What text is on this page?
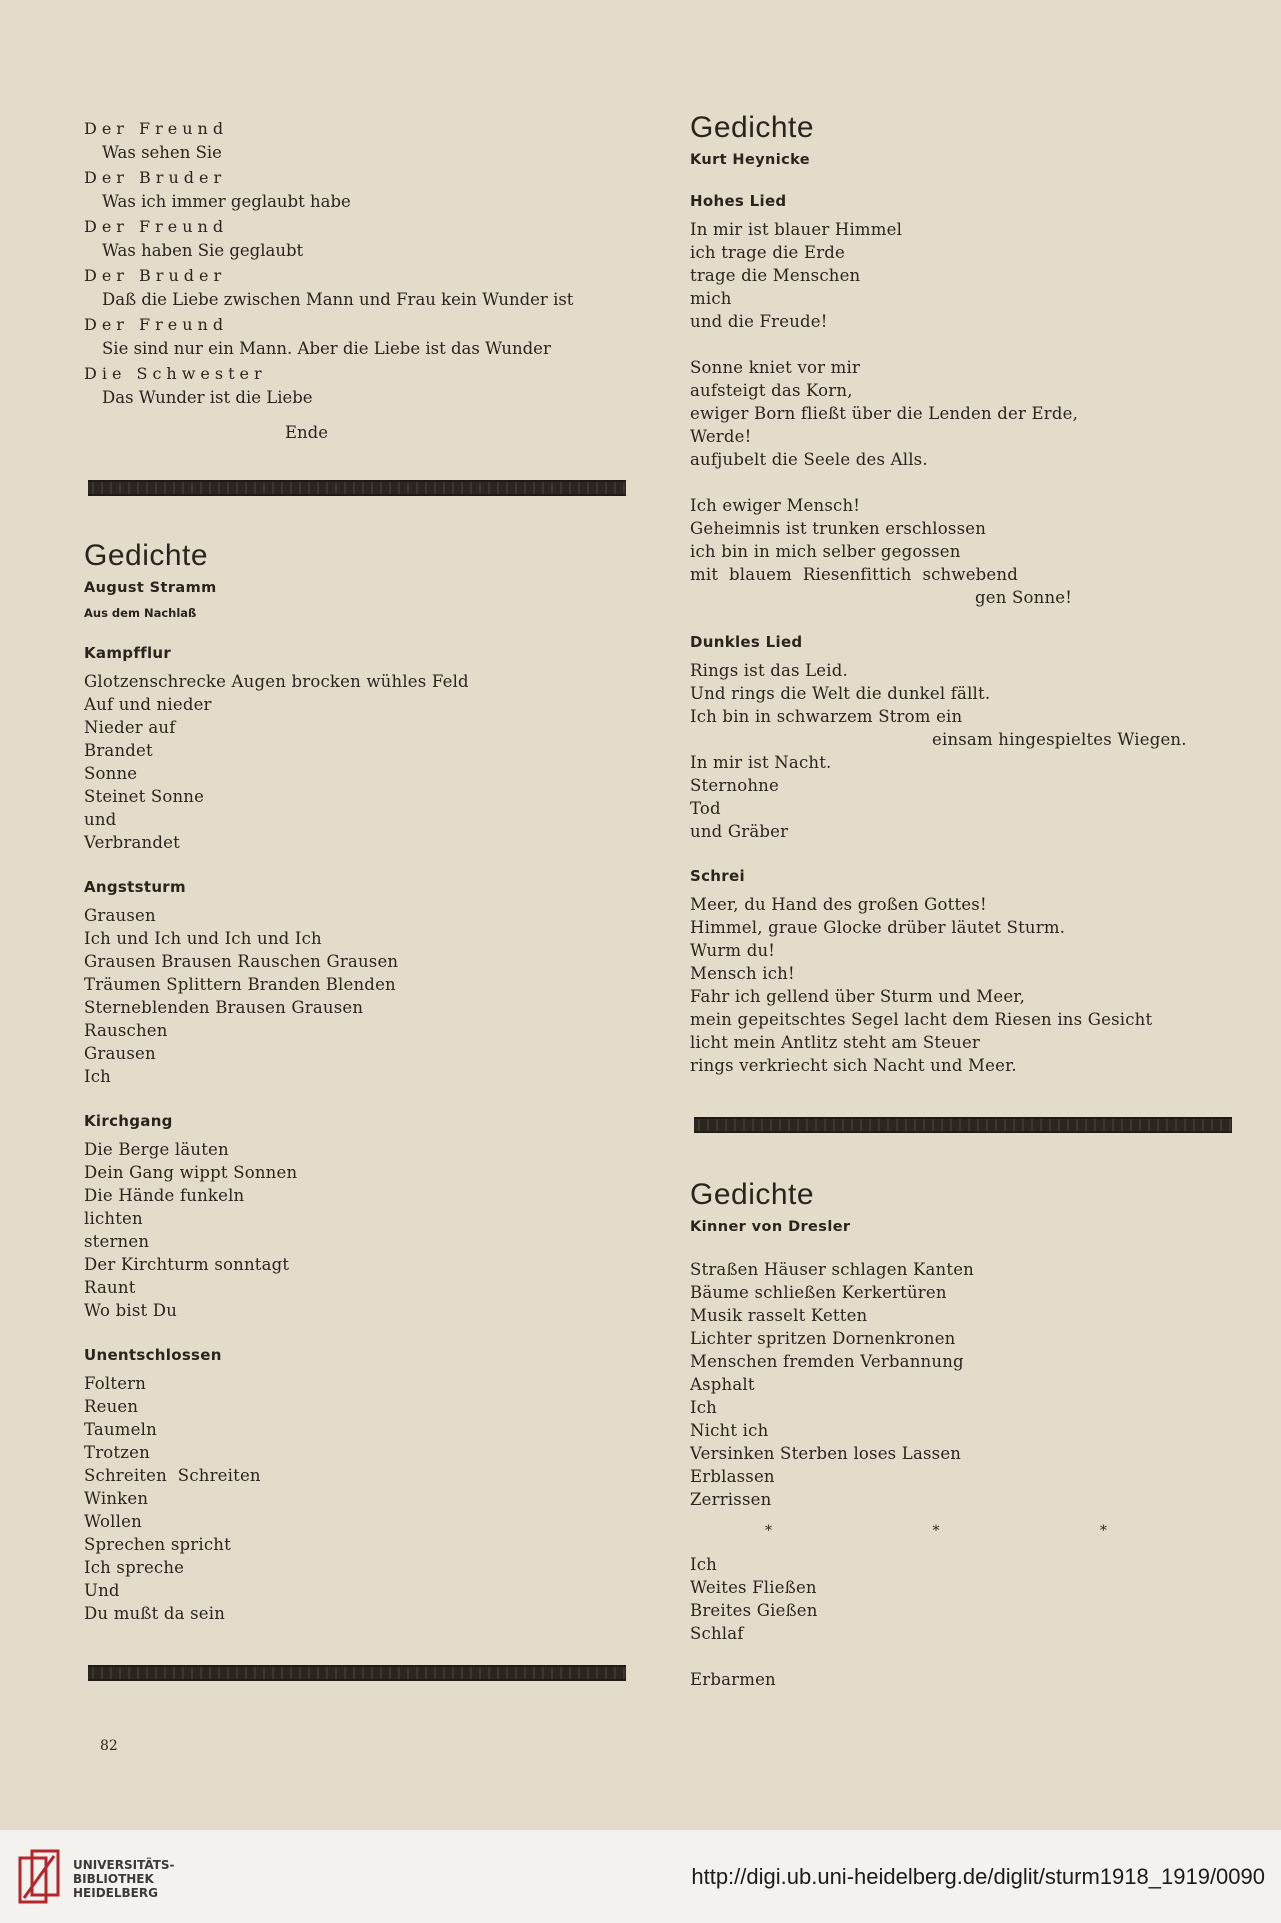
Der Freund
Was sehen Sie
Der Bruder
Was ich immer geglaubt habe
Der Freund
Was haben Sie geglaubt
Der Bruder
Daß die Liebe zwischen Mann und Frau kein Wunder ist
Der Freund
Sie sind nur ein Mann. Aber die Liebe ist das Wunder
Die Schwester
Das Wunder ist die Liebe
Ende
Gedichte
August Stramm
Aus dem Nachlaß
Kampfflur
Glotzenschrecke Augen brocken wühles Feld
Auf und nieder
Nieder auf
Brandet
Sonne
Steinet Sonne
und
Verbrandet
Angststurm
Grausen
Ich und Ich und Ich und Ich
Grausen Brausen Rauschen Grausen
Träumen Splittern Branden Blenden
Sterneblenden Brausen Grausen
Rauschen
Grausen
Ich
Kirchgang
Die Berge läuten
Dein Gang wippt Sonnen
Die Hände funkeln
lichten
sternen
Der Kirchturm sonntagt
Raunt
Wo bist Du
Unentschlossen
Foltern
Reuen
Taumeln
Trotzen
Schreiten  Schreiten
Winken
Wollen
Sprechen spricht
Ich spreche
Und
Du mußt da sein
Gedichte
Kurt Heynicke
Hohes Lied
In mir ist blauer Himmel
ich trage die Erde
trage die Menschen
mich
und die Freude!
Sonne kniet vor mir
aufsteigt das Korn,
ewiger Born fließt über die Lenden der Erde,
Werde!
aufjubelt die Seele des Alls.
Ich ewiger Mensch!
Geheimnis ist trunken erschlossen
ich bin in mich selber gegossen
mit  blauem  Riesenfittich  schwebend
gen Sonne!
Dunkles Lied
Rings ist das Leid.
Und rings die Welt die dunkel fällt.
Ich bin in schwarzem Strom ein
einsam hingespieltes Wiegen.
In mir ist Nacht.
Sternohne
Tod
und Gräber
Schrei
Meer, du Hand des großen Gottes!
Himmel, graue Glocke drüber läutet Sturm.
Wurm du!
Mensch ich!
Fahr ich gellend über Sturm und Meer,
mein gepeitschtes Segel lacht dem Riesen ins Gesicht
licht mein Antlitz steht am Steuer
rings verkriecht sich Nacht und Meer.
Gedichte
Kinner von Dresler
Straßen Häuser schlagen Kanten
Bäume schließen Kerkertüren
Musik rasselt Ketten
Lichter spritzen Dornenkronen
Menschen fremden Verbannung
Asphalt
Ich
Nicht ich
Versinken Sterben loses Lassen
Erblassen
Zerrissen
* * *
Ich
Weites Fließen
Breites Gießen
Schlaf
Erbarmen
82
UNIVERSITÄTS-
BIBLIOTHEK
HEIDELBERG
http://digi.ub.uni-heidelberg.de/diglit/sturm1918_1919/0090
